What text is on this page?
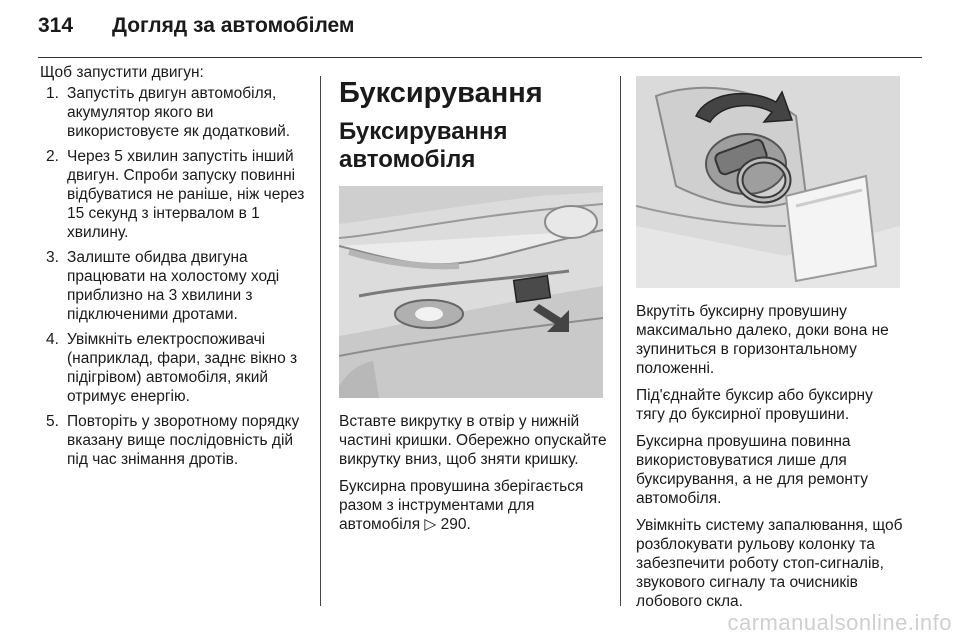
314 Догляд за автомобілем

Щоб запустити двигун:

1. Запустіть двигун автомобіля, акумулятор якого ви використовуєте як додатковий.
2. Через 5 хвилин запустіть інший двигун. Спроби запуску повинні відбуватися не раніше, ніж через 15 секунд з інтервалом в 1 хвилину.
3. Залиште обидва двигуна працювати на холостому ході приблизно на 3 хвилини з підключеними дротами.
4. Увімкніть електроспоживачі (наприклад, фари, заднє вікно з підігрівом) автомобіля, який отримує енергію.
5. Повторіть у зворотному порядку вказану вище послідовність дій під час знімання дротів.
Буксирування
Буксирування автомобіля

Вставте викрутку в отвір у нижній частині кришки. Обережно опускайте викрутку вниз, щоб зняти кришку.

Буксирна провушина зберігається разом з інструментами для автомобіля ▷ 290.

Вкрутіть буксирну провушину максимально далеко, доки вона не зупиниться в горизонтальному положенні.

Під'єднайте буксир або буксирну тягу до буксирної провушини.

Буксирна провушина повинна використовуватися лише для буксирування, а не для ремонту автомобіля.

Увімкніть систему запалювання, щоб розблокувати рульову колонку та забезпечити роботу стоп-сигналів, звукового сигналу та очисників лобового скла.

carmanualsonline.info
